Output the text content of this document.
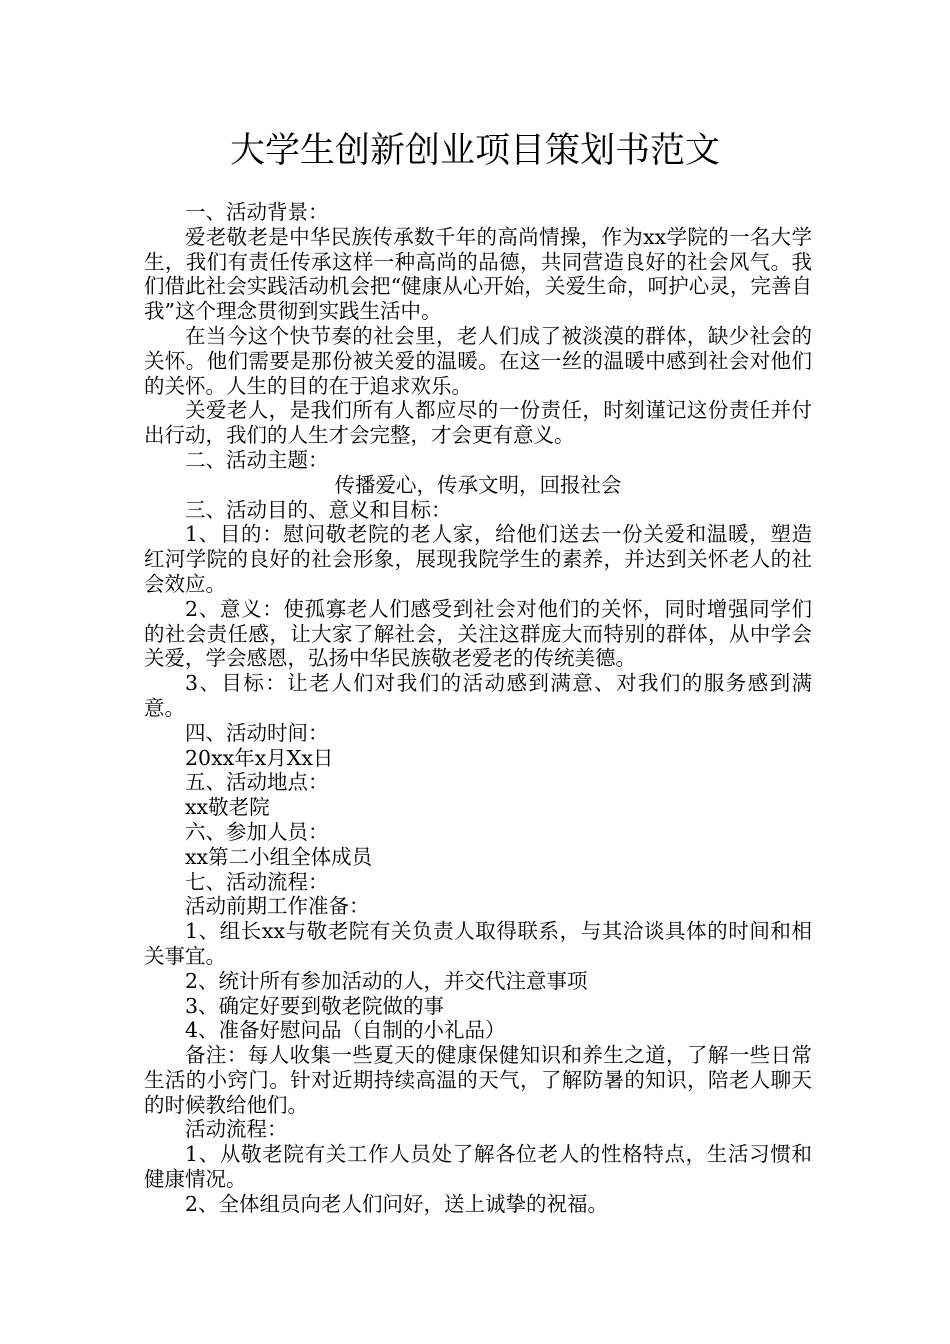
大学生创新创业项目策划书范文

一、活动背景：

爱老敬老是中华民族传承数千年的高尚情操，作为xx学院的一名大学生，我们有责任传承这样一种高尚的品德，共同营造良好的社会风气。我们借此社会实践活动机会把“健康从心开始，关爱生命，呵护心灵，完善自我”这个理念贯彻到实践生活中。

在当今这个快节奏的社会里，老人们成了被淡漠的群体，缺少社会的关怀。他们需要是那份被关爱的温暖。在这一丝的温暖中感到社会对他们的关怀。人生的目的在于追求欢乐。

关爱老人，是我们所有人都应尽的一份责任，时刻谨记这份责任并付出行动，我们的人生才会完整，才会更有意义。

二、活动主题：

传播爱心，传承文明，回报社会

三、活动目的、意义和目标：

1、目的：慰问敬老院的老人家，给他们送去一份关爱和温暖，塑造红河学院的良好的社会形象，展现我院学生的素养，并达到关怀老人的社会效应。

2、意义：使孤寡老人们感受到社会对他们的关怀，同时增强同学们的社会责任感，让大家了解社会，关注这群庞大而特别的群体，从中学会关爱，学会感恩，弘扬中华民族敬老爱老的传统美德。

3、目标：让老人们对我们的活动感到满意、对我们的服务感到满意。

四、活动时间：

20xx年x月Xx日

五、活动地点：

xx敬老院

六、参加人员：

xx第二小组全体成员

七、活动流程：

活动前期工作准备：

1、组长xx与敬老院有关负责人取得联系，与其洽谈具体的时间和相关事宜。

2、统计所有参加活动的人，并交代注意事项

3、确定好要到敬老院做的事

4、准备好慰问品（自制的小礼品）

备注：每人收集一些夏天的健康保健知识和养生之道，了解一些日常生活的小窍门。针对近期持续高温的天气，了解防暑的知识，陪老人聊天的时候教给他们。

活动流程：

1、从敬老院有关工作人员处了解各位老人的性格特点，生活习惯和健康情况。

2、全体组员向老人们问好，送上诚挚的祝福。
